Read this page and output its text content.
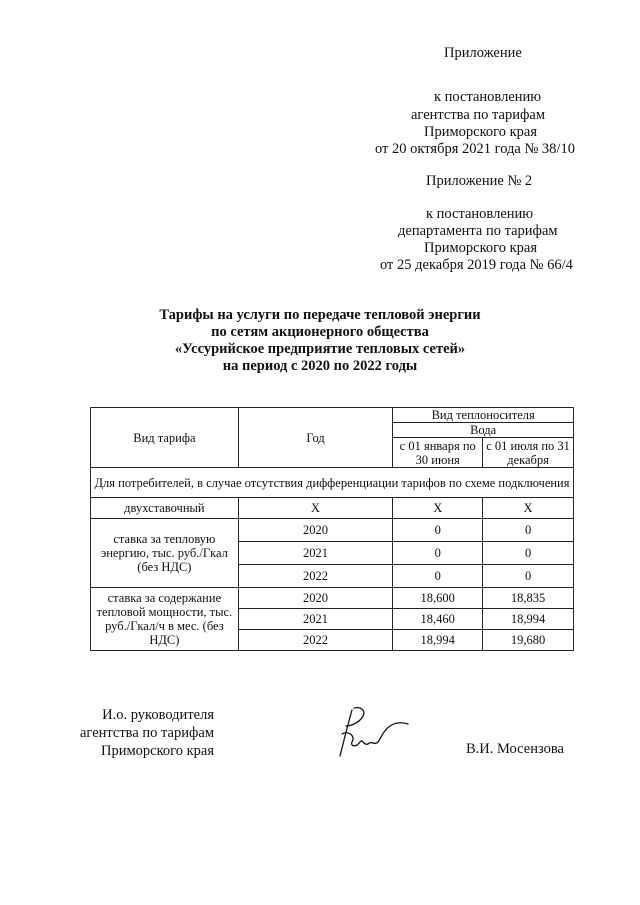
Приложение
к постановлению
агентства по тарифам
Приморского края
от 20 октября 2021 года № 38/10
Приложение № 2
к постановлению
департамента по тарифам
Приморского края
от 25 декабря 2019 года № 66/4
Тарифы на услуги по передаче тепловой энергии
по сетям акционерного общества
«Уссурийское предприятие тепловых сетей»
на период с 2020 по 2022 годы
Вид тарифа	Год	Вид теплоносителя	
		Вода	
		с 01 января по 30 июня	с 01 июля по 31 декабря
Для потребителей, в случае отсутствия дифференциации тарифов по схеме подключения			
двухставочный	X	X	X
ставка за тепловую энергию, тыс. руб./Гкал (без НДС)	2020	0	0
	2021	0	0
	2022	0	0
ставка за содержание тепловой мощности, тыс. руб./Гкал/ч в мес. (без НДС)	2020	18,600	18,835
	2021	18,460	18,994
	2022	18,994	19,680
И.о. руководителя
агентства по тарифам
Приморского края	В.И. Мосензова
